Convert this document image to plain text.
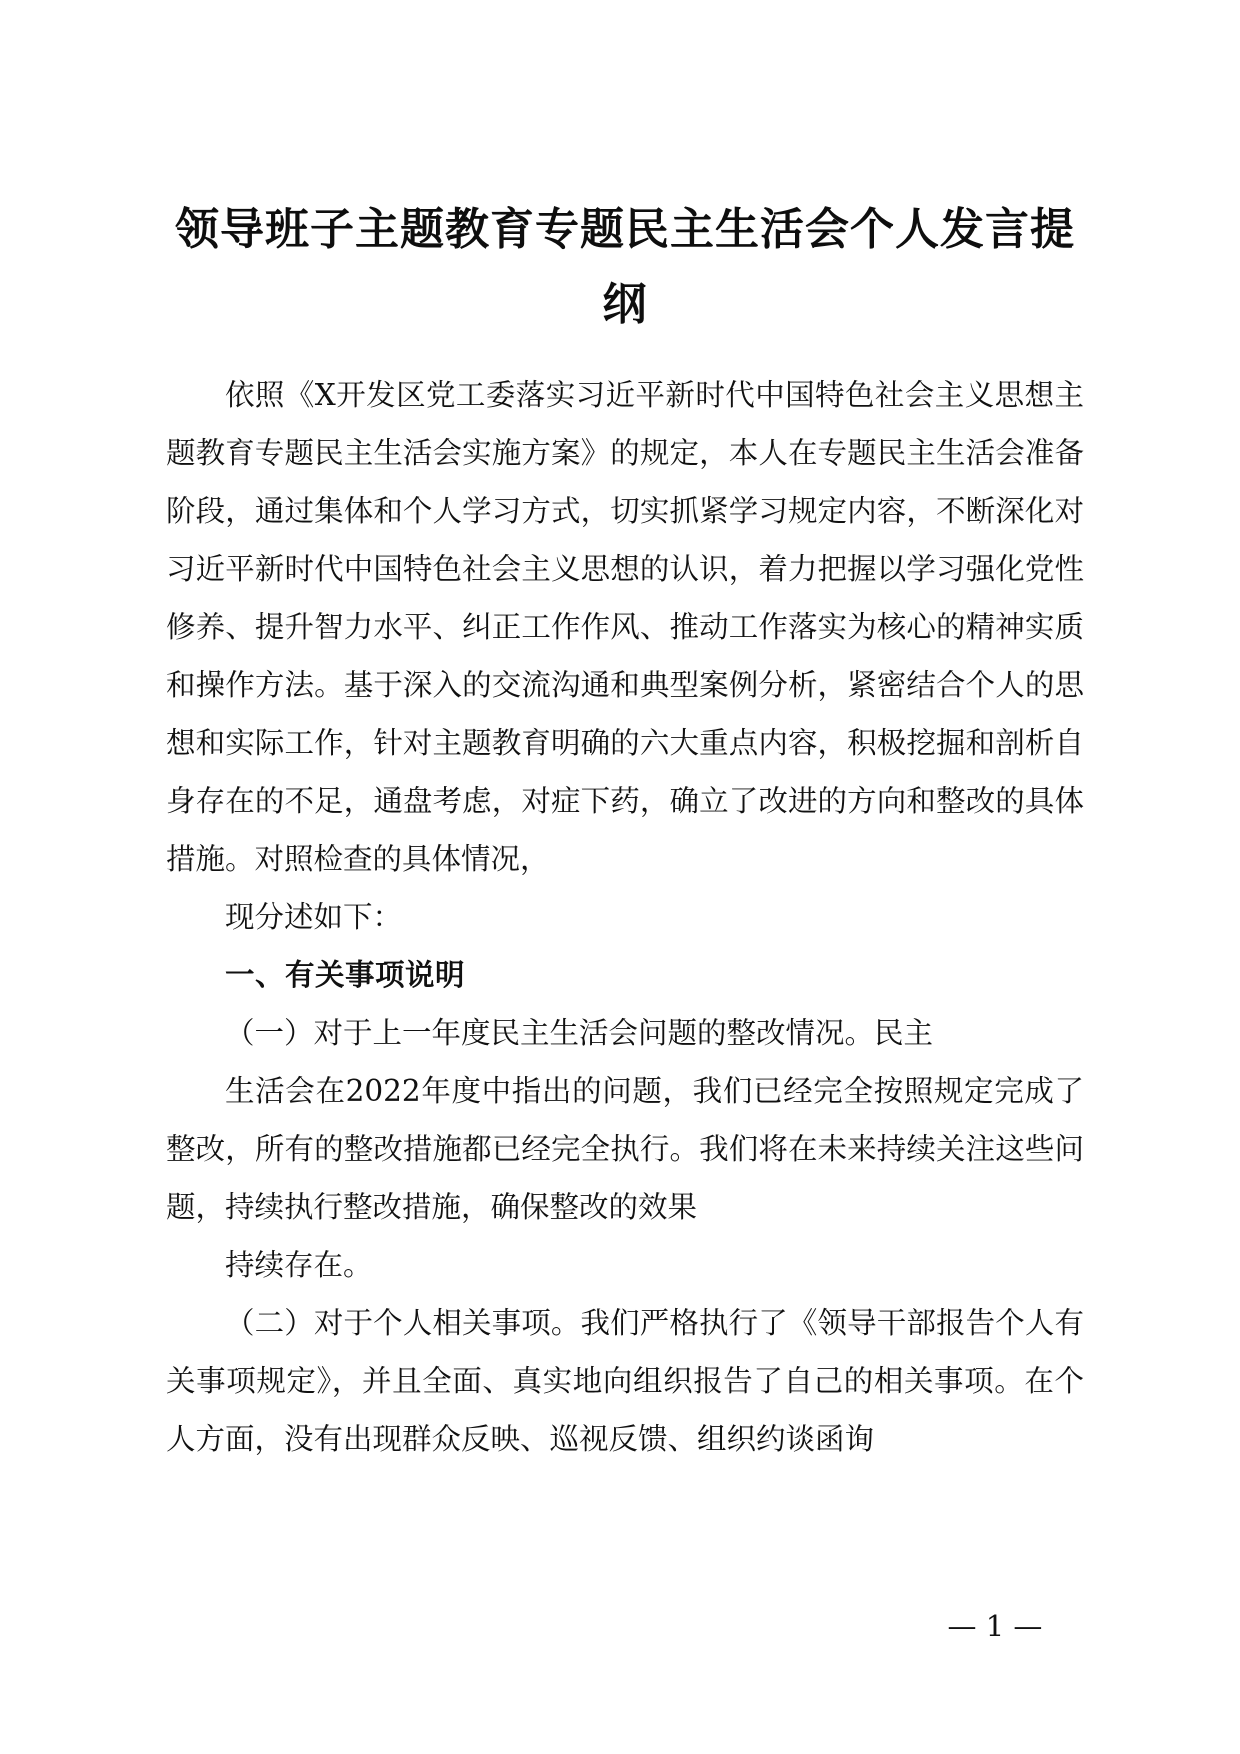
领导班子主题教育专题民主生活会个人发言提纲

依照《X开发区党工委落实习近平新时代中国特色社会主义思想主题教育专题民主生活会实施方案》的规定，本人在专题民主生活会准备阶段，通过集体和个人学习方式，切实抓紧学习规定内容，不断深化对习近平新时代中国特色社会主义思想的认识，着力把握以学习强化党性修养、提升智力水平、纠正工作作风、推动工作落实为核心的精神实质和操作方法。基于深入的交流沟通和典型案例分析，紧密结合个人的思想和实际工作，针对主题教育明确的六大重点内容，积极挖掘和剖析自身存在的不足，通盘考虑，对症下药，确立了改进的方向和整改的具体措施。对照检查的具体情况，

现分述如下：

一、有关事项说明

（一）对于上一年度民主生活会问题的整改情况。民主

生活会在2022年度中指出的问题，我们已经完全按照规定完成了整改，所有的整改措施都已经完全执行。我们将在未来持续关注这些问题，持续执行整改措施，确保整改的效果

持续存在。

（二）对于个人相关事项。我们严格执行了《领导干部报告个人有关事项规定》，并且全面、真实地向组织报告了自己的相关事项。在个人方面，没有出现群众反映、巡视反馈、组织约谈函询

— 1 —
